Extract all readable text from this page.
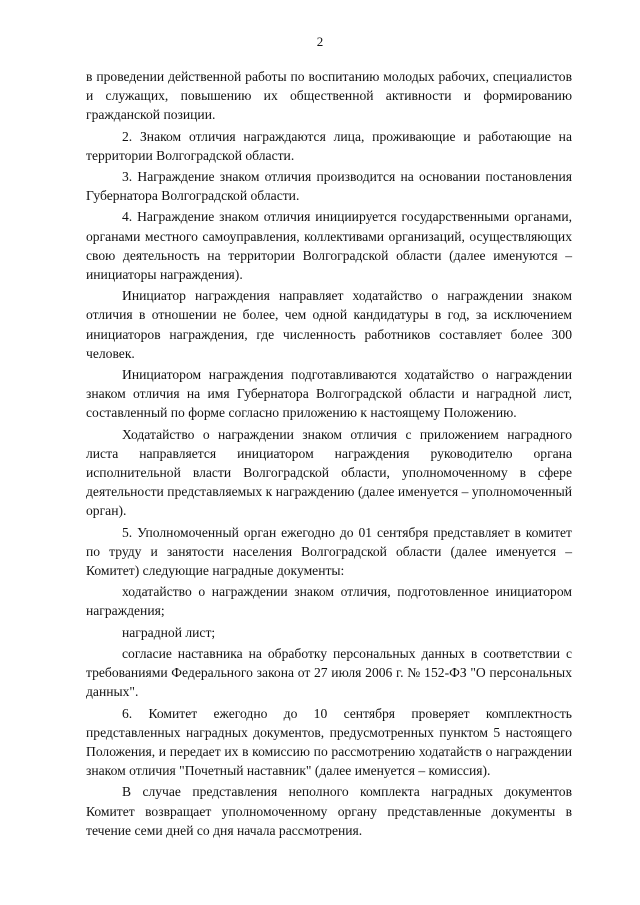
2

в проведении действенной работы по воспитанию молодых рабочих, специалистов и служащих, повышению их общественной активности и формированию гражданской позиции.

2. Знаком отличия награждаются лица, проживающие и работающие на территории Волгоградской области.

3. Награждение знаком отличия производится на основании постановления Губернатора Волгоградской области.

4. Награждение знаком отличия инициируется государственными органами, органами местного самоуправления, коллективами организаций, осуществляющих свою деятельность на территории Волгоградской области (далее именуются – инициаторы награждения).

Инициатор награждения направляет ходатайство о награждении знаком отличия в отношении не более, чем одной кандидатуры в год, за исключением инициаторов награждения, где численность работников составляет более 300 человек.

Инициатором награждения подготавливаются ходатайство о награждении знаком отличия на имя Губернатора Волгоградской области и наградной лист, составленный по форме согласно приложению к настоящему Положению.

Ходатайство о награждении знаком отличия с приложением наградного листа направляется инициатором награждения руководителю органа исполнительной власти Волгоградской области, уполномоченному в сфере деятельности представляемых к награждению (далее именуется – уполномоченный орган).

5. Уполномоченный орган ежегодно до 01 сентября представляет в комитет по труду и занятости населения Волгоградской области (далее именуется – Комитет) следующие наградные документы:

ходатайство о награждении знаком отличия, подготовленное инициатором награждения;

наградной лист;

согласие наставника на обработку персональных данных в соответствии с требованиями Федерального закона от 27 июля 2006 г. № 152-ФЗ "О персональных данных".

6. Комитет ежегодно до 10 сентября проверяет комплектность представленных наградных документов, предусмотренных пунктом 5 настоящего Положения, и передает их в комиссию по рассмотрению ходатайств о награждении знаком отличия "Почетный наставник" (далее именуется – комиссия).

В случае представления неполного комплекта наградных документов Комитет возвращает уполномоченному органу представленные документы в течение семи дней со дня начала рассмотрения.
